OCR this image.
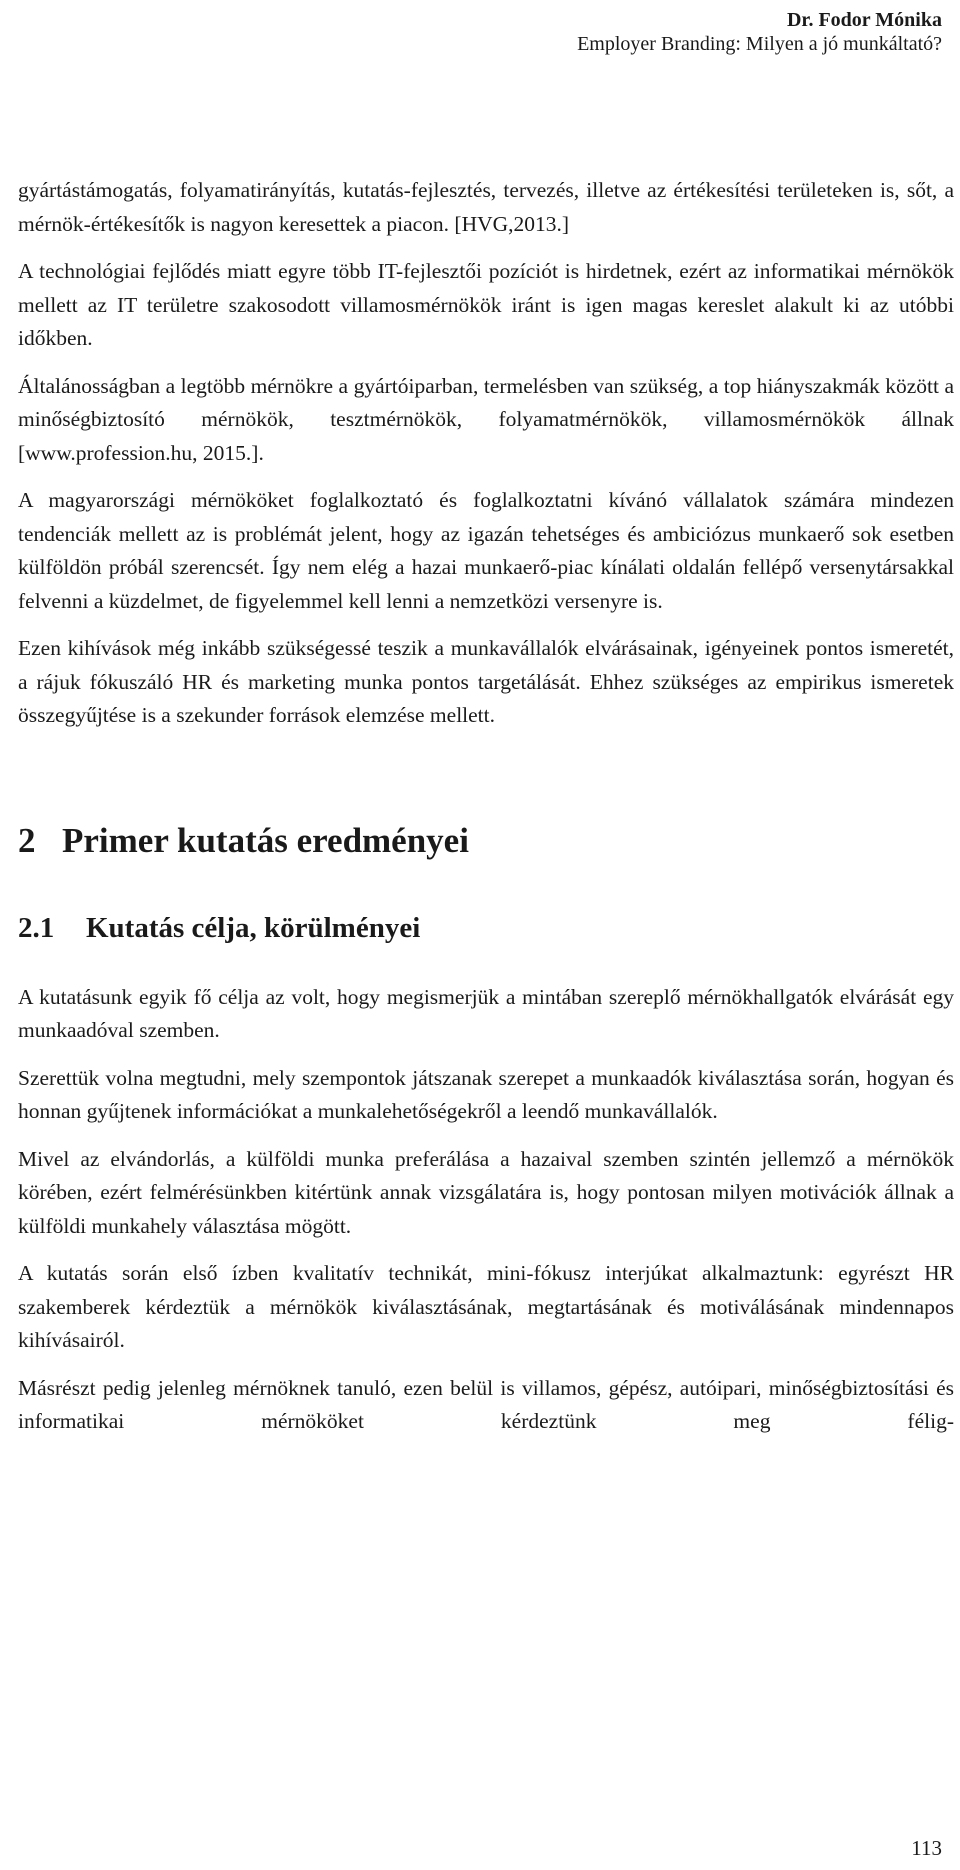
Dr. Fodor Mónika
Employer Branding: Milyen a jó munkáltató?

gyártástámogatás, folyamatirányítás, kutatás-fejlesztés, tervezés, illetve az értékesítési területeken is, sőt, a mérnök-értékesítők is nagyon keresettek a piacon. [HVG,2013.]

A technológiai fejlődés miatt egyre több IT-fejlesztői pozíciót is hirdetnek, ezért az informatikai mérnökök mellett az IT területre szakosodott villamosmérnökök iránt is igen magas kereslet alakult ki az utóbbi időkben.

Általánosságban a legtöbb mérnökre a gyártóiparban, termelésben van szükség, a top hiányszakmák között a minőségbiztosító mérnökök, tesztmérnökök, folyamatmérnökök, villamosmérnökök állnak [www.profession.hu, 2015.].

A magyarországi mérnököket foglalkoztató és foglalkoztatni kívánó vállalatok számára mindezen tendenciák mellett az is problémát jelent, hogy az igazán tehetséges és ambiciózus munkaerő sok esetben külföldön próbál szerencsét. Így nem elég a hazai munkaerő-piac kínálati oldalán fellépő versenytársakkal felvenni a küzdelmet, de figyelemmel kell lenni a nemzetközi versenyre is.

Ezen kihívások még inkább szükségessé teszik a munkavállalók elvárásainak, igényeinek pontos ismeretét, a rájuk fókuszáló HR és marketing munka pontos targetálását. Ehhez szükséges az empirikus ismeretek összegyűjtése is a szekunder források elemzése mellett.

2 Primer kutatás eredményei
2.1 Kutatás célja, körülményei

A kutatásunk egyik fő célja az volt, hogy megismerjük a mintában szereplő mérnökhallgatók elvárását egy munkaadóval szemben.

Szerettük volna megtudni, mely szempontok játszanak szerepet a munkaadók kiválasztása során, hogyan és honnan gyűjtenek információkat a munkalehetőségekről a leendő munkavállalók.

Mivel az elvándorlás, a külföldi munka preferálása a hazaival szemben szintén jellemző a mérnökök körében, ezért felmérésünkben kitértünk annak vizsgálatára is, hogy pontosan milyen motivációk állnak a külföldi munkahely választása mögött.

A kutatás során első ízben kvalitatív technikát, mini-fókusz interjúkat alkalmaztunk: egyrészt HR szakemberek kérdeztük a mérnökök kiválasztásának, megtartásának és motiválásának mindennapos kihívásairól.

Másrészt pedig jelenleg mérnöknek tanuló, ezen belül is villamos, gépész, autóipari, minőségbiztosítási és informatikai mérnököket kérdeztünk meg félig-

113
